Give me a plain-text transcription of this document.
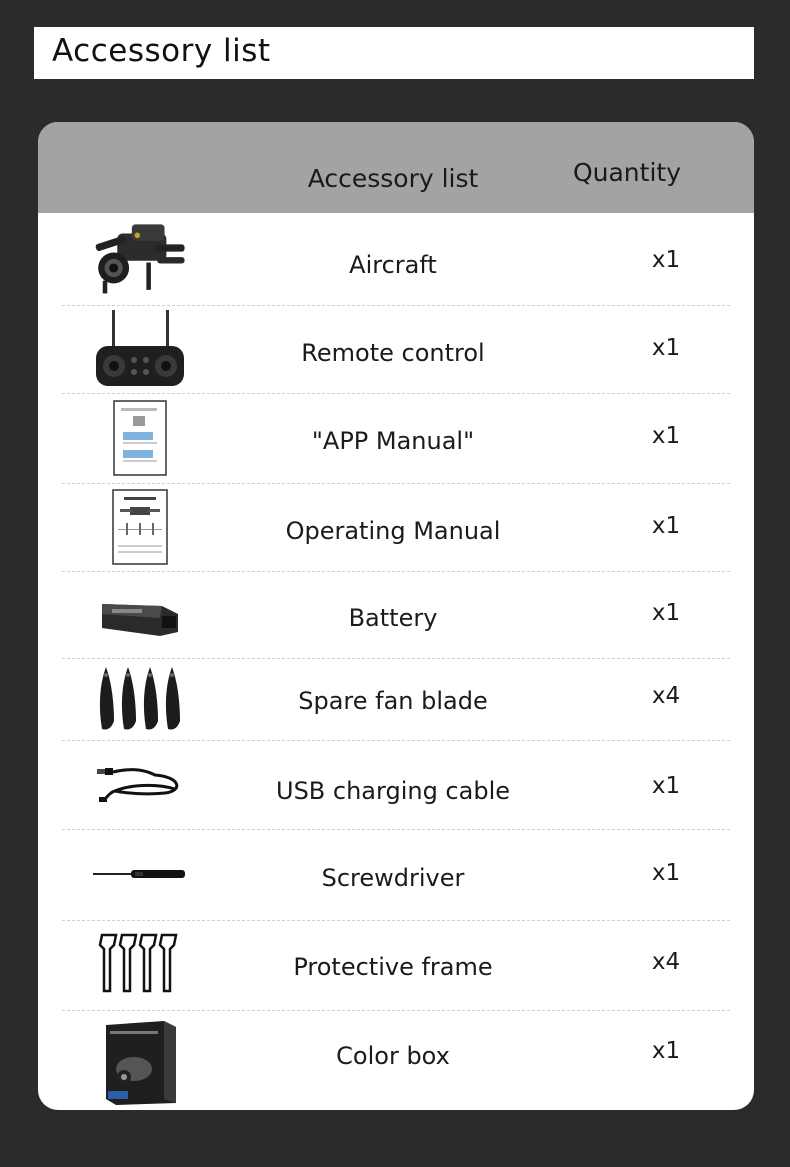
Accessory list
Accessory list	Quantity
Aircraft	x1
Remote control	x1
"APP Manual"	x1
Operating Manual	x1
Battery	x1
Spare fan blade	x4
USB charging cable	x1
Screwdriver	x1
Protective frame	x4
Color box	x1
